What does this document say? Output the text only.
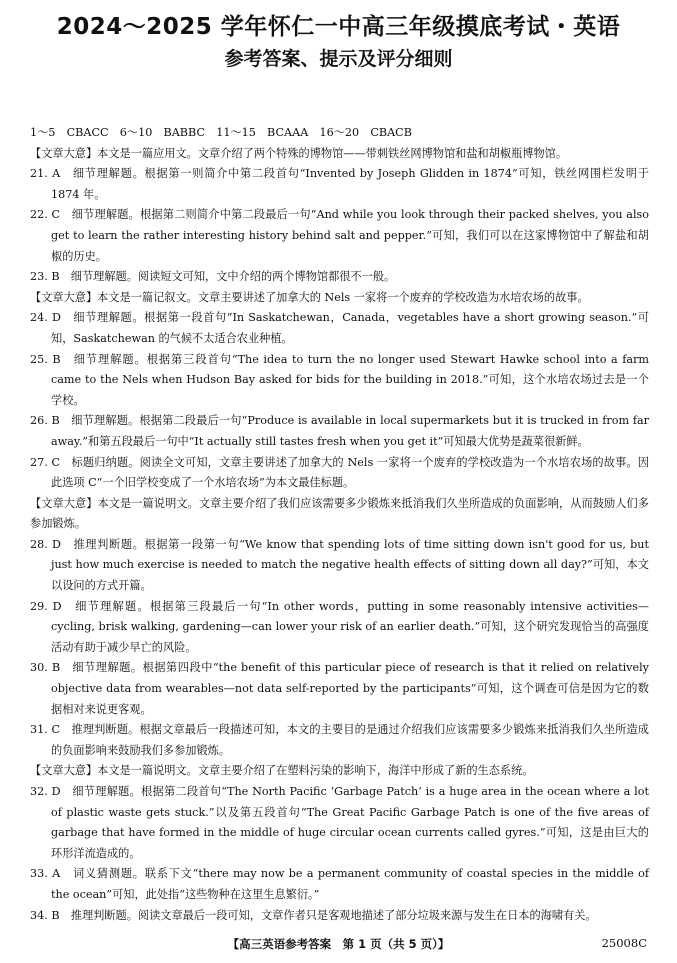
2024～2025 学年怀仁一中高三年级摸底考试・英语
参考答案、提示及评分细则

1～5　CBACC　6～10　BABBC　11～15　BCAAA　16～20　CBACB

【文章大意】本文是一篇应用文。文章介绍了两个特殊的博物馆——带刺铁丝网博物馆和盐和胡椒瓶博物馆。

21. A　细节理解题。根据第一则简介中第二段首句“Invented by Joseph Glidden in 1874”可知，铁丝网围栏发明于 1874 年。

22. C　细节理解题。根据第二则简介中第二段最后一句“And while you look through their packed shelves, you also get to learn the rather interesting history behind salt and pepper.”可知，我们可以在这家博物馆中了解盐和胡椒的历史。

23. B　细节理解题。阅读短文可知，文中介绍的两个博物馆都很不一般。

【文章大意】本文是一篇记叙文。文章主要讲述了加拿大的 Nels 一家将一个废弃的学校改造为水培农场的故事。

24. D　细节理解题。根据第一段首句“In Saskatchewan，Canada，vegetables have a short growing season.”可知，Saskatchewan 的气候不太适合农业种植。

25. B　细节理解题。根据第三段首句“The idea to turn the no longer used Stewart Hawke school into a farm came to the Nels when Hudson Bay asked for bids for the building in 2018.”可知，这个水培农场过去是一个学校。

26. B　细节理解题。根据第二段最后一句“Produce is available in local supermarkets but it is trucked in from far away.”和第五段最后一句中“It actually still tastes fresh when you get it”可知最大优势是蔬菜很新鲜。

27. C　标题归纳题。阅读全文可知，文章主要讲述了加拿大的 Nels 一家将一个废弃的学校改造为一个水培农场的故事。因此选项 C“一个旧学校变成了一个水培农场”为本文最佳标题。

【文章大意】本文是一篇说明文。文章主要介绍了我们应该需要多少锻炼来抵消我们久坐所造成的负面影响，从而鼓励人们多参加锻炼。

28. D　推理判断题。根据第一段第一句“We know that spending lots of time sitting down isn't good for us, but just how much exercise is needed to match the negative health effects of sitting down all day?”可知，本文以设问的方式开篇。

29. D　细节理解题。根据第三段最后一句“In other words，putting in some reasonably intensive activities—cycling, brisk walking, gardening—can lower your risk of an earlier death.”可知，这个研究发现恰当的高强度活动有助于减少早亡的风险。

30. B　细节理解题。根据第四段中“the benefit of this particular piece of research is that it relied on relatively objective data from wearables—not data self-reported by the participants”可知，这个调查可信是因为它的数据相对来说更客观。

31. C　推理判断题。根据文章最后一段描述可知，本文的主要目的是通过介绍我们应该需要多少锻炼来抵消我们久坐所造成的负面影响来鼓励我们多参加锻炼。

【文章大意】本文是一篇说明文。文章主要介绍了在塑料污染的影响下，海洋中形成了新的生态系统。

32. D　细节理解题。根据第二段首句“The North Pacific ‘Garbage Patch’ is a huge area in the ocean where a lot of plastic waste gets stuck.”以及第五段首句“The Great Pacific Garbage Patch is one of the five areas of garbage that have formed in the middle of huge circular ocean currents called gyres.”可知，这是由巨大的环形洋流造成的。

33. A　词义猜测题。联系下文“there may now be a permanent community of coastal species in the middle of the ocean”可知，此处指“这些物种在这里生息繁衍。”

34. B　推理判断题。阅读文章最后一段可知，文章作者只是客观地描述了部分垃圾来源与发生在日本的海啸有关。

【高三英语参考答案　第 1 页（共 5 页）】	25008C
